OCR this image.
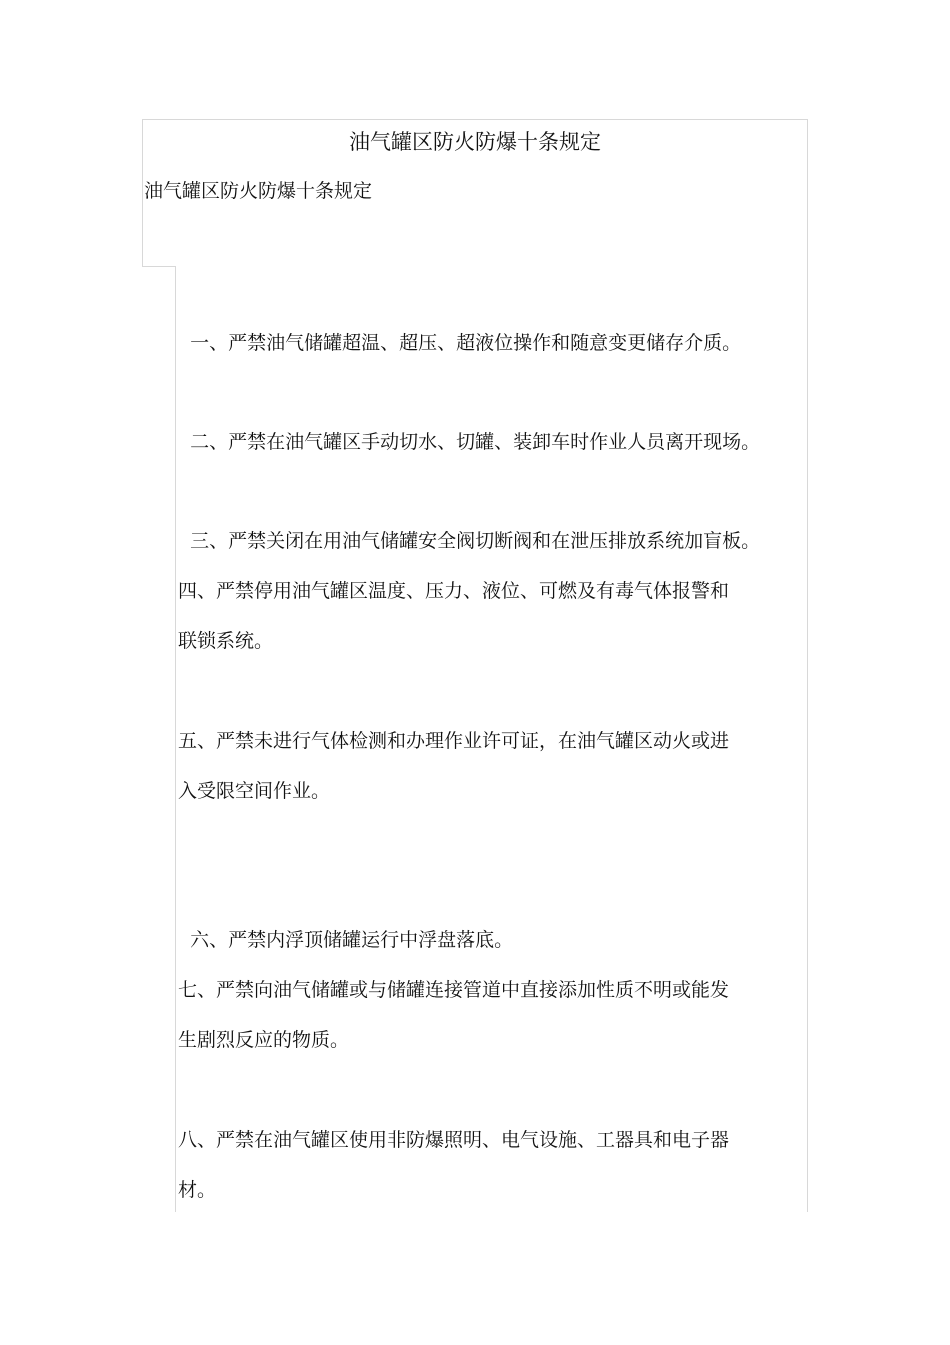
油气罐区防火防爆十条规定

油气罐区防火防爆十条规定

一、严禁油气储罐超温、超压、超液位操作和随意变更储存介质。

二、严禁在油气罐区手动切水、切罐、装卸车时作业人员离开现场。

三、严禁关闭在用油气储罐安全阀切断阀和在泄压排放系统加盲板。

四、严禁停用油气罐区温度、压力、液位、可燃及有毒气体报警和
联锁系统。

五、严禁未进行气体检测和办理作业许可证，在油气罐区动火或进
入受限空间作业。

六、严禁内浮顶储罐运行中浮盘落底。

七、严禁向油气储罐或与储罐连接管道中直接添加性质不明或能发
生剧烈反应的物质。

八、严禁在油气罐区使用非防爆照明、电气设施、工器具和电子器
材。
